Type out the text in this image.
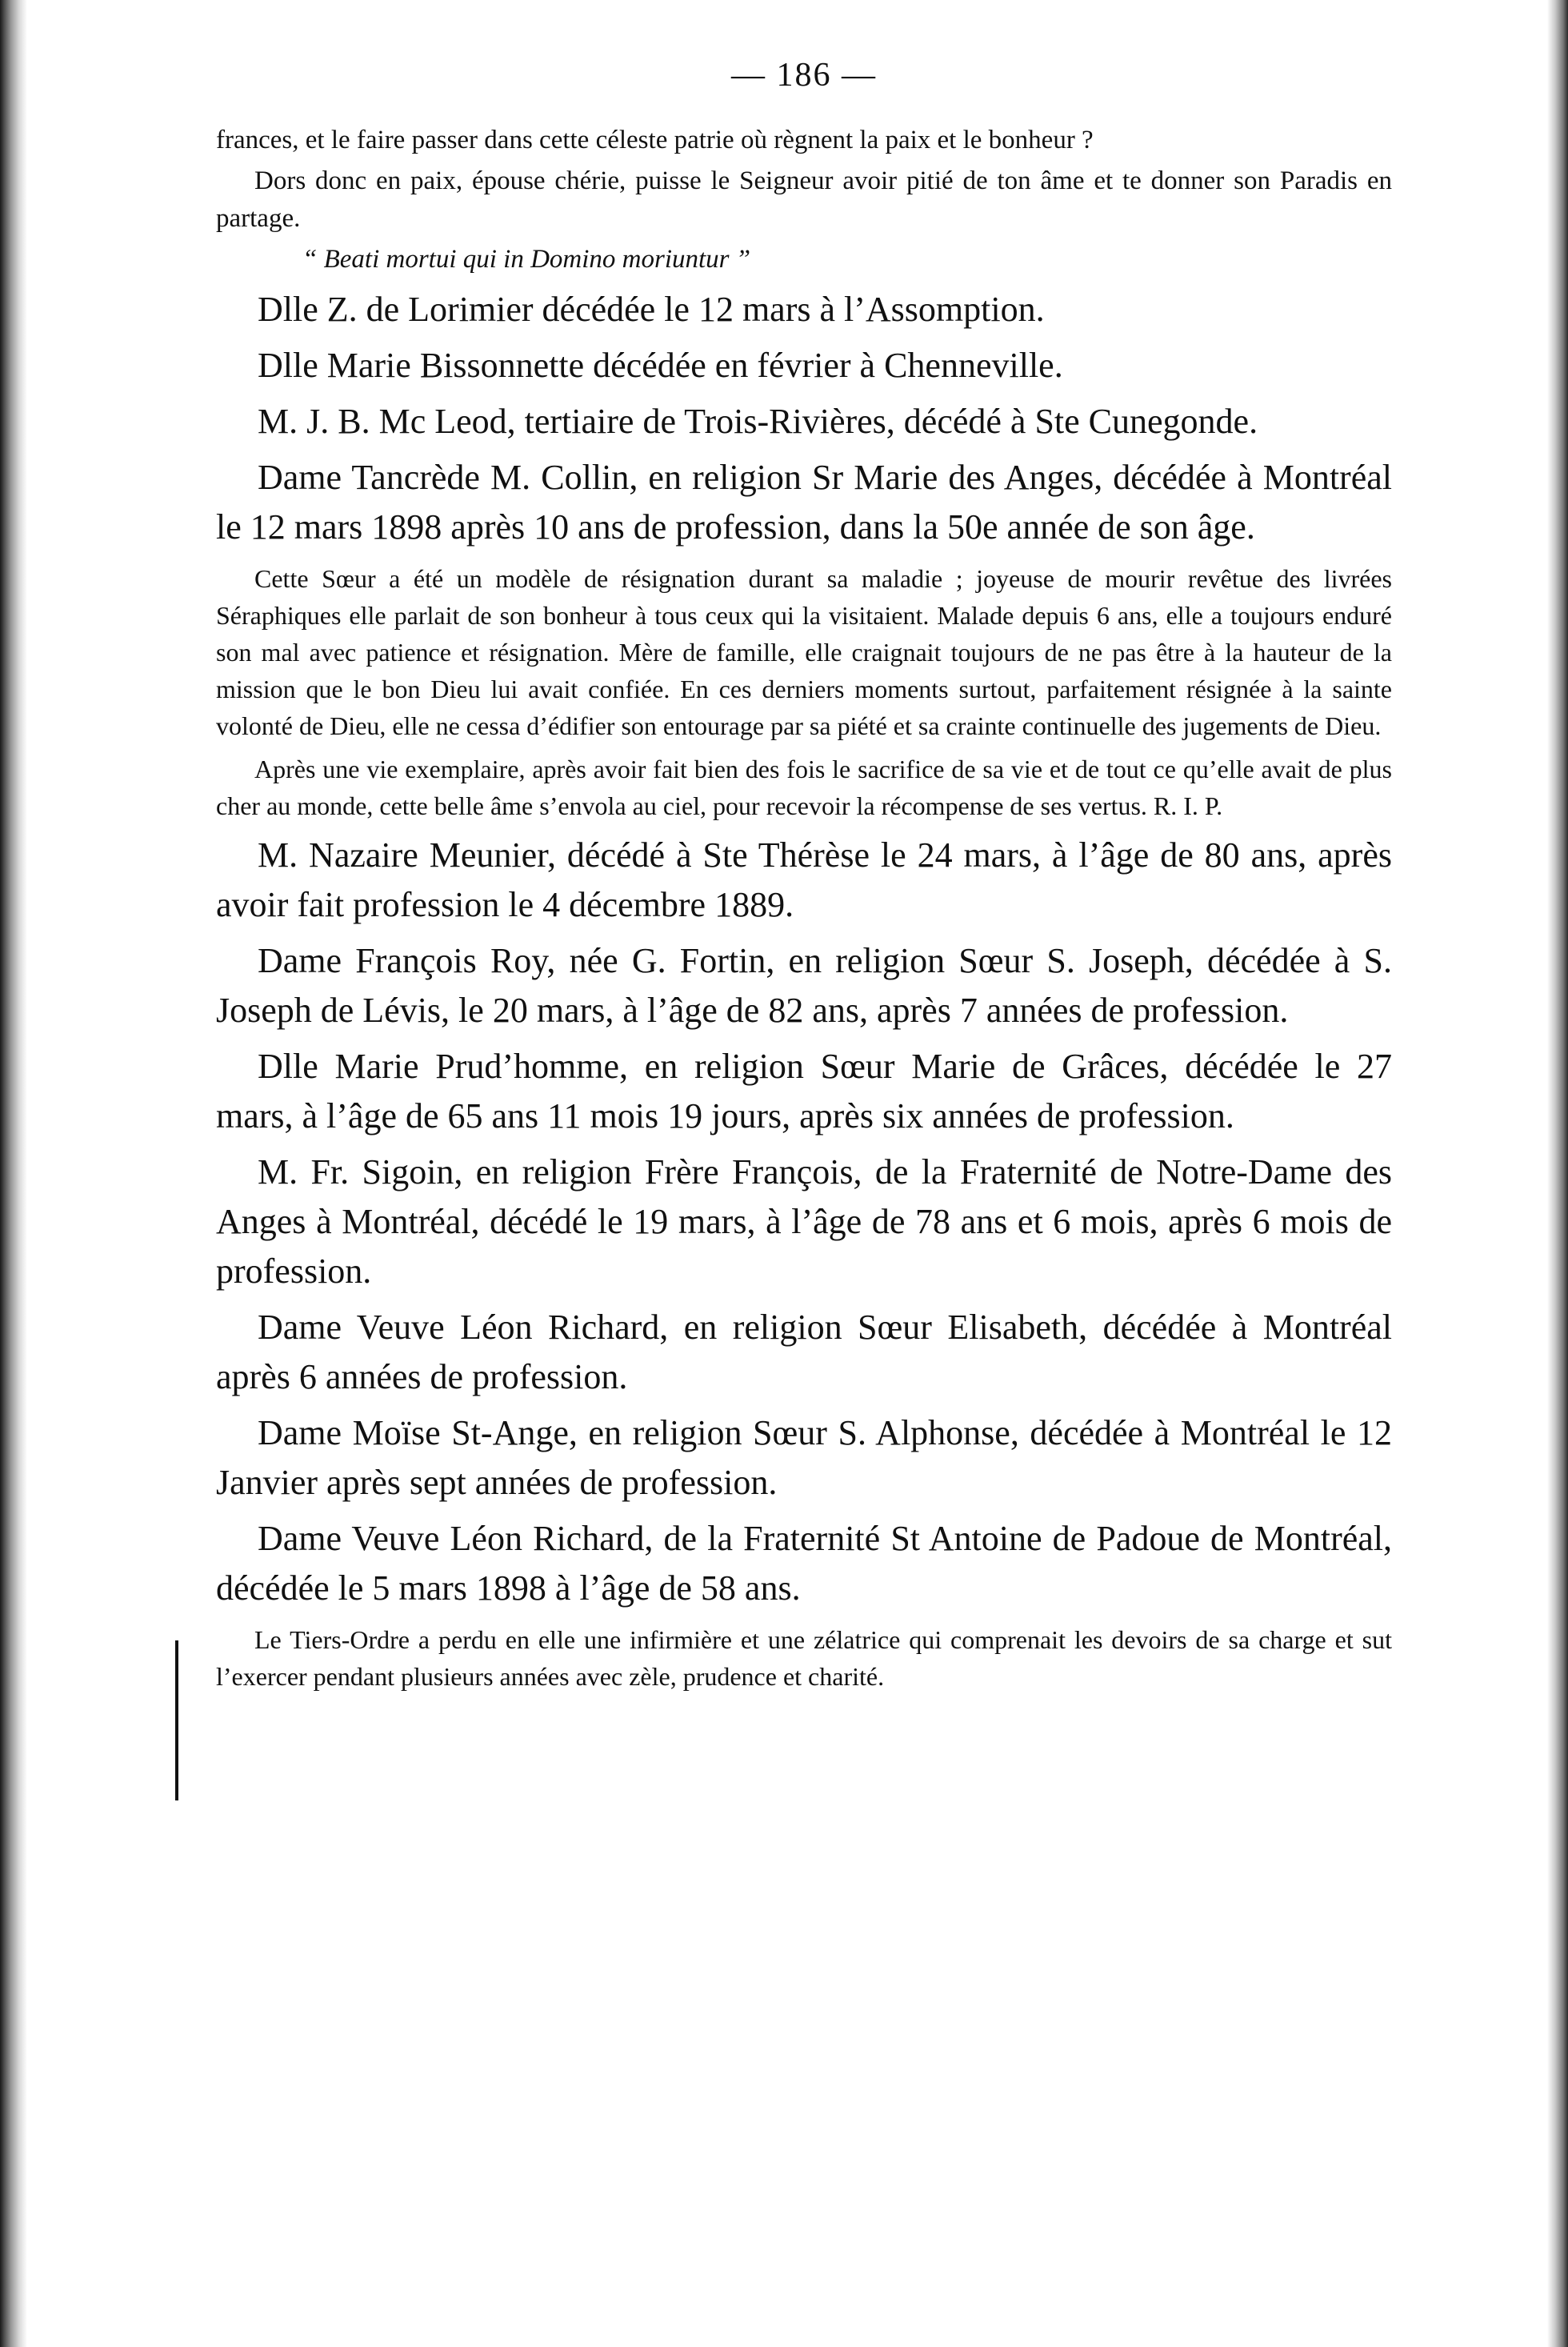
— 186 —

frances, et le faire passer dans cette céleste patrie où règnent la paix et le bonheur ?

Dors donc en paix, épouse chérie, puisse le Seigneur avoir pitié de ton âme et te donner son Paradis en partage.

“ Beati mortui qui in Domino moriuntur ”

Dlle Z. de Lorimier décédée le 12 mars à l’Assomption.

Dlle Marie Bissonnette décédée en février à Chenneville.

M. J. B. Mc Leod, tertiaire de Trois-Rivières, décédé à Ste Cunegonde.

Dame Tancrède M. Collin, en religion Sr Marie des Anges, décédée à Montréal le 12 mars 1898 après 10 ans de profession, dans la 50e année de son âge.

Cette Sœur a été un modèle de résignation durant sa maladie ; joyeuse de mourir revêtue des livrées Séraphiques elle parlait de son bonheur à tous ceux qui la visitaient. Malade depuis 6 ans, elle a toujours enduré son mal avec patience et résignation. Mère de famille, elle craignait toujours de ne pas être à la hauteur de la mission que le bon Dieu lui avait confiée. En ces derniers moments surtout, parfaitement résignée à la sainte volonté de Dieu, elle ne cessa d’édifier son entourage par sa piété et sa crainte continuelle des jugements de Dieu.

Après une vie exemplaire, après avoir fait bien des fois le sacrifice de sa vie et de tout ce qu’elle avait de plus cher au monde, cette belle âme s’envola au ciel, pour recevoir la récompense de ses vertus. R. I. P.

M. Nazaire Meunier, décédé à Ste Thérèse le 24 mars, à l’âge de 80 ans, après avoir fait profession le 4 décembre 1889.

Dame François Roy, née G. Fortin, en religion Sœur S. Joseph, décédée à S. Joseph de Lévis, le 20 mars, à l’âge de 82 ans, après 7 années de profession.

Dlle Marie Prud’homme, en religion Sœur Marie de Grâces, décédée le 27 mars, à l’âge de 65 ans 11 mois 19 jours, après six années de profession.

M. Fr. Sigoin, en religion Frère François, de la Fraternité de Notre-Dame des Anges à Montréal, décédé le 19 mars, à l’âge de 78 ans et 6 mois, après 6 mois de profession.

Dame Veuve Léon Richard, en religion Sœur Elisabeth, décédée à Montréal après 6 années de profession.

Dame Moïse St-Ange, en religion Sœur S. Alphonse, décédée à Montréal le 12 Janvier après sept années de profession.

Dame Veuve Léon Richard, de la Fraternité St Antoine de Padoue de Montréal, décédée le 5 mars 1898 à l’âge de 58 ans.

Le Tiers-Ordre a perdu en elle une infirmière et une zélatrice qui comprenait les devoirs de sa charge et sut l’exercer pendant plusieurs années avec zèle, prudence et charité.
